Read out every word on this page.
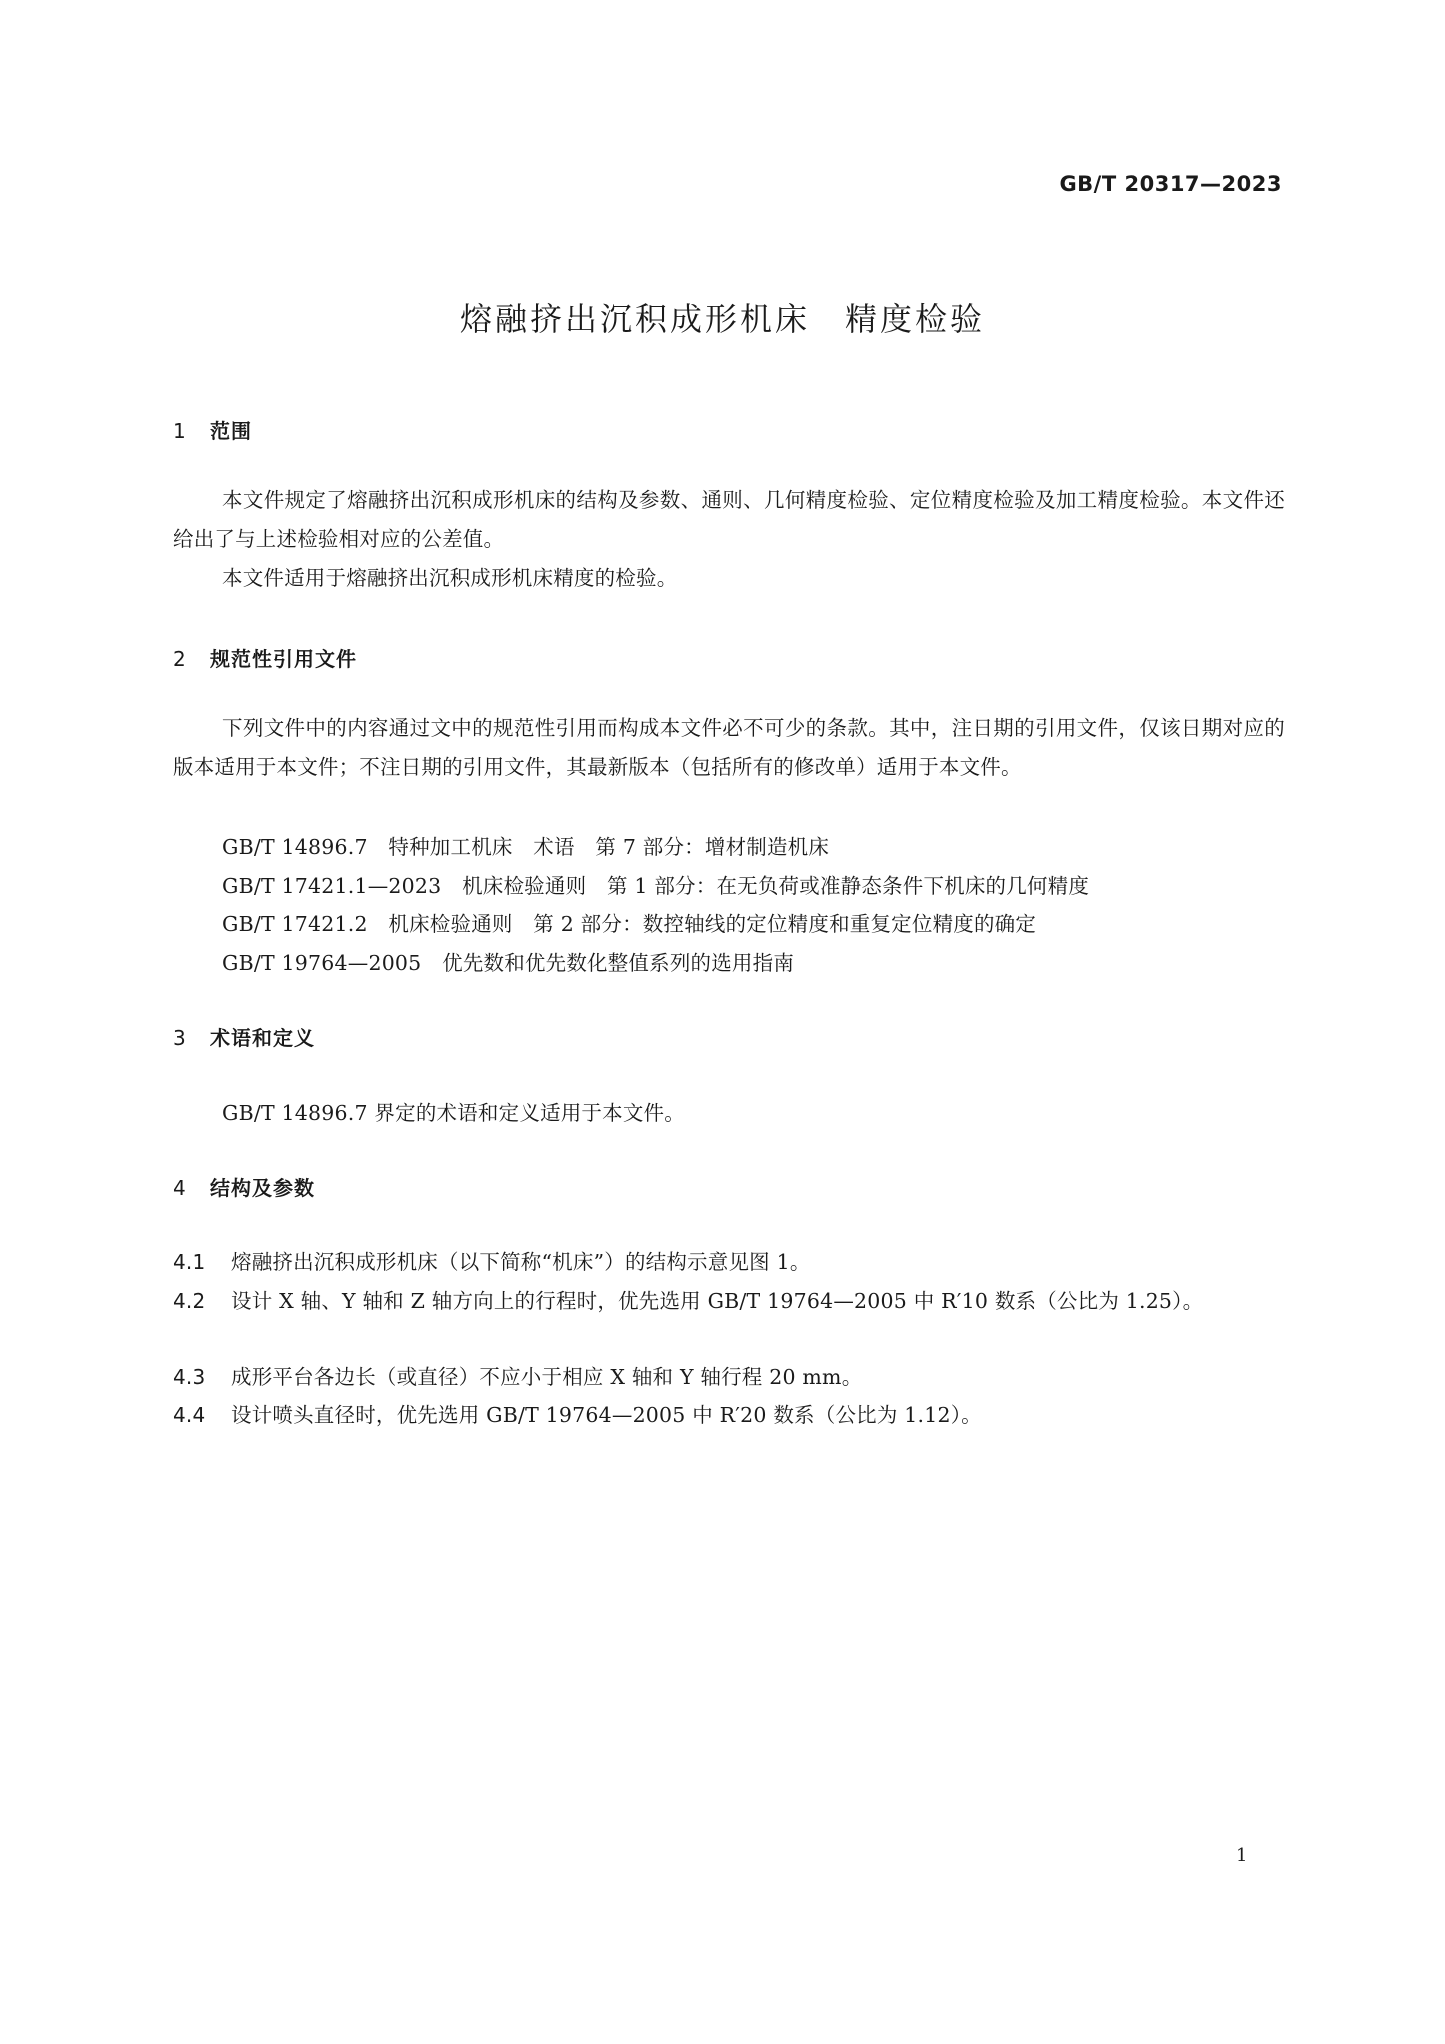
GB/T 20317—2023
熔融挤出沉积成形机床　精度检验
1 范围
本文件规定了熔融挤出沉积成形机床的结构及参数、通则、几何精度检验、定位精度检验及加工精度检验。本文件还给出了与上述检验相对应的公差值。
本文件适用于熔融挤出沉积成形机床精度的检验。
2 规范性引用文件
下列文件中的内容通过文中的规范性引用而构成本文件必不可少的条款。其中，注日期的引用文件，仅该日期对应的版本适用于本文件；不注日期的引用文件，其最新版本（包括所有的修改单）适用于本文件。
GB/T 14896.7　特种加工机床　术语　第 7 部分：增材制造机床
GB/T 17421.1—2023　机床检验通则　第 1 部分：在无负荷或准静态条件下机床的几何精度
GB/T 17421.2　机床检验通则　第 2 部分：数控轴线的定位精度和重复定位精度的确定
GB/T 19764—2005　优先数和优先数化整值系列的选用指南
3 术语和定义
GB/T 14896.7 界定的术语和定义适用于本文件。
4 结构及参数
4.1 熔融挤出沉积成形机床（以下简称“机床”）的结构示意见图 1。
4.2 设计 X 轴、Y 轴和 Z 轴方向上的行程时，优先选用 GB/T 19764—2005 中 R′10 数系（公比为 1.25）。
4.3 成形平台各边长（或直径）不应小于相应 X 轴和 Y 轴行程 20 mm。
4.4 设计喷头直径时，优先选用 GB/T 19764—2005 中 R′20 数系（公比为 1.12）。
1
